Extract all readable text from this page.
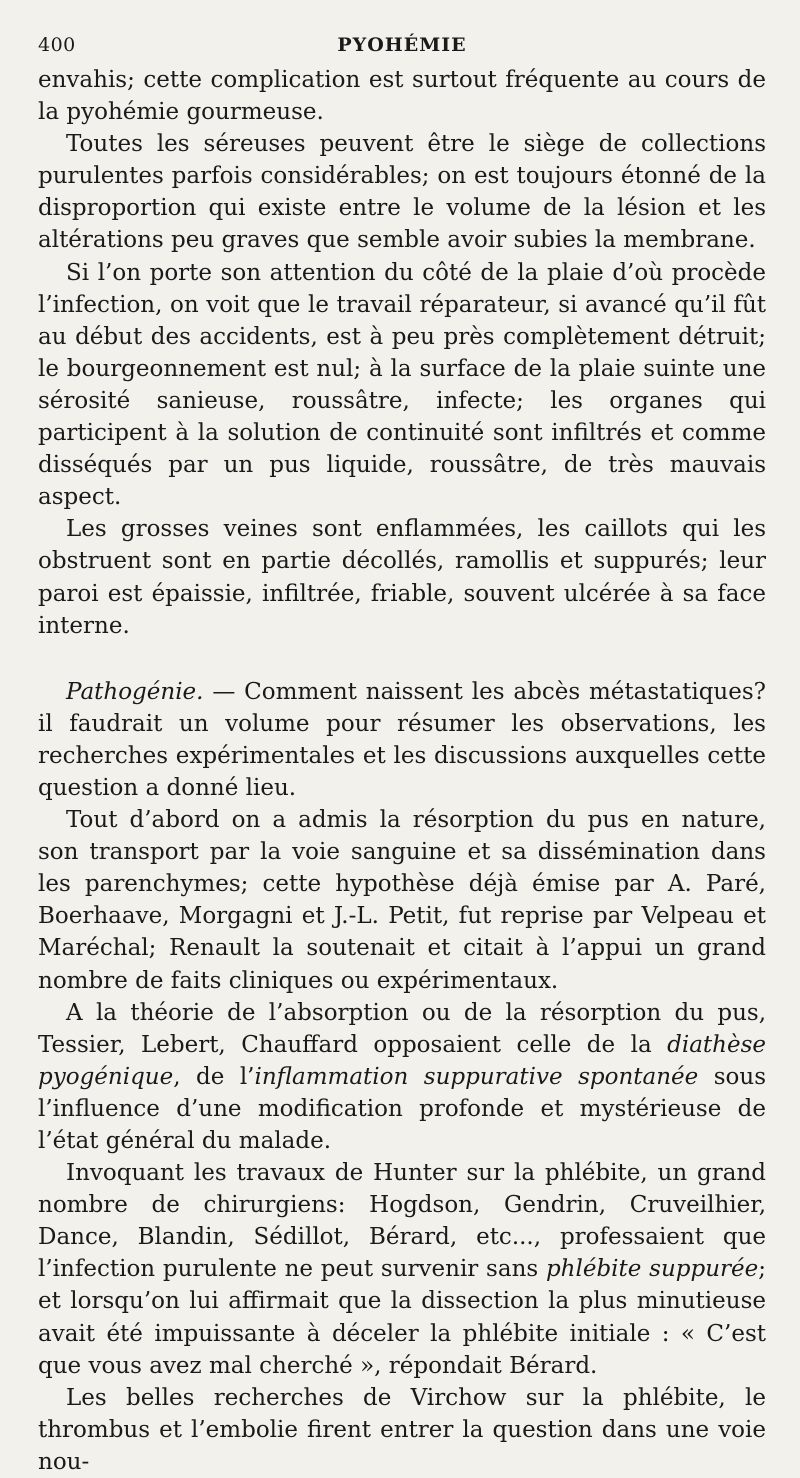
400	PYOHÉMIE

envahis; cette complication est surtout fréquente au cours de la pyohémie gourmeuse.

Toutes les séreuses peuvent être le siège de collections purulentes parfois considérables; on est toujours étonné de la disproportion qui existe entre le volume de la lésion et les altérations peu graves que semble avoir subies la membrane.

Si l’on porte son attention du côté de la plaie d’où procède l’infection, on voit que le travail réparateur, si avancé qu’il fût au début des accidents, est à peu près complètement détruit; le bourgeonnement est nul; à la surface de la plaie suinte une sérosité sanieuse, roussâtre, infecte; les organes qui participent à la solution de continuité sont infiltrés et comme disséqués par un pus liquide, roussâtre, de très mauvais aspect.

Les grosses veines sont enflammées, les caillots qui les obstruent sont en partie décollés, ramollis et suppurés; leur paroi est épaissie, infiltrée, friable, souvent ulcérée à sa face interne.

Pathogénie. — Comment naissent les abcès métastatiques? il faudrait un volume pour résumer les observations, les recherches expérimentales et les discussions auxquelles cette question a donné lieu.

Tout d’abord on a admis la résorption du pus en nature, son transport par la voie sanguine et sa dissémination dans les parenchymes; cette hypothèse déjà émise par A. Paré, Boerhaave, Morgagni et J.-L. Petit, fut reprise par Velpeau et Maréchal; Renault la soutenait et citait à l’appui un grand nombre de faits cliniques ou expérimentaux.

A la théorie de l’absorption ou de la résorption du pus, Tessier, Lebert, Chauffard opposaient celle de la diathèse pyogénique, de l’inflammation suppurative spontanée sous l’influence d’une modification profonde et mystérieuse de l’état général du malade.

Invoquant les travaux de Hunter sur la phlébite, un grand nombre de chirurgiens: Hogdson, Gendrin, Cruveilhier, Dance, Blandin, Sédillot, Bérard, etc..., professaient que l’infection purulente ne peut survenir sans phlébite suppurée; et lorsqu’on lui affirmait que la dissection la plus minutieuse avait été impuissante à déceler la phlébite initiale : « C’est que vous avez mal cherché », répondait Bérard.

Les belles recherches de Virchow sur la phlébite, le thrombus et l’embolie firent entrer la question dans une voie nou-
